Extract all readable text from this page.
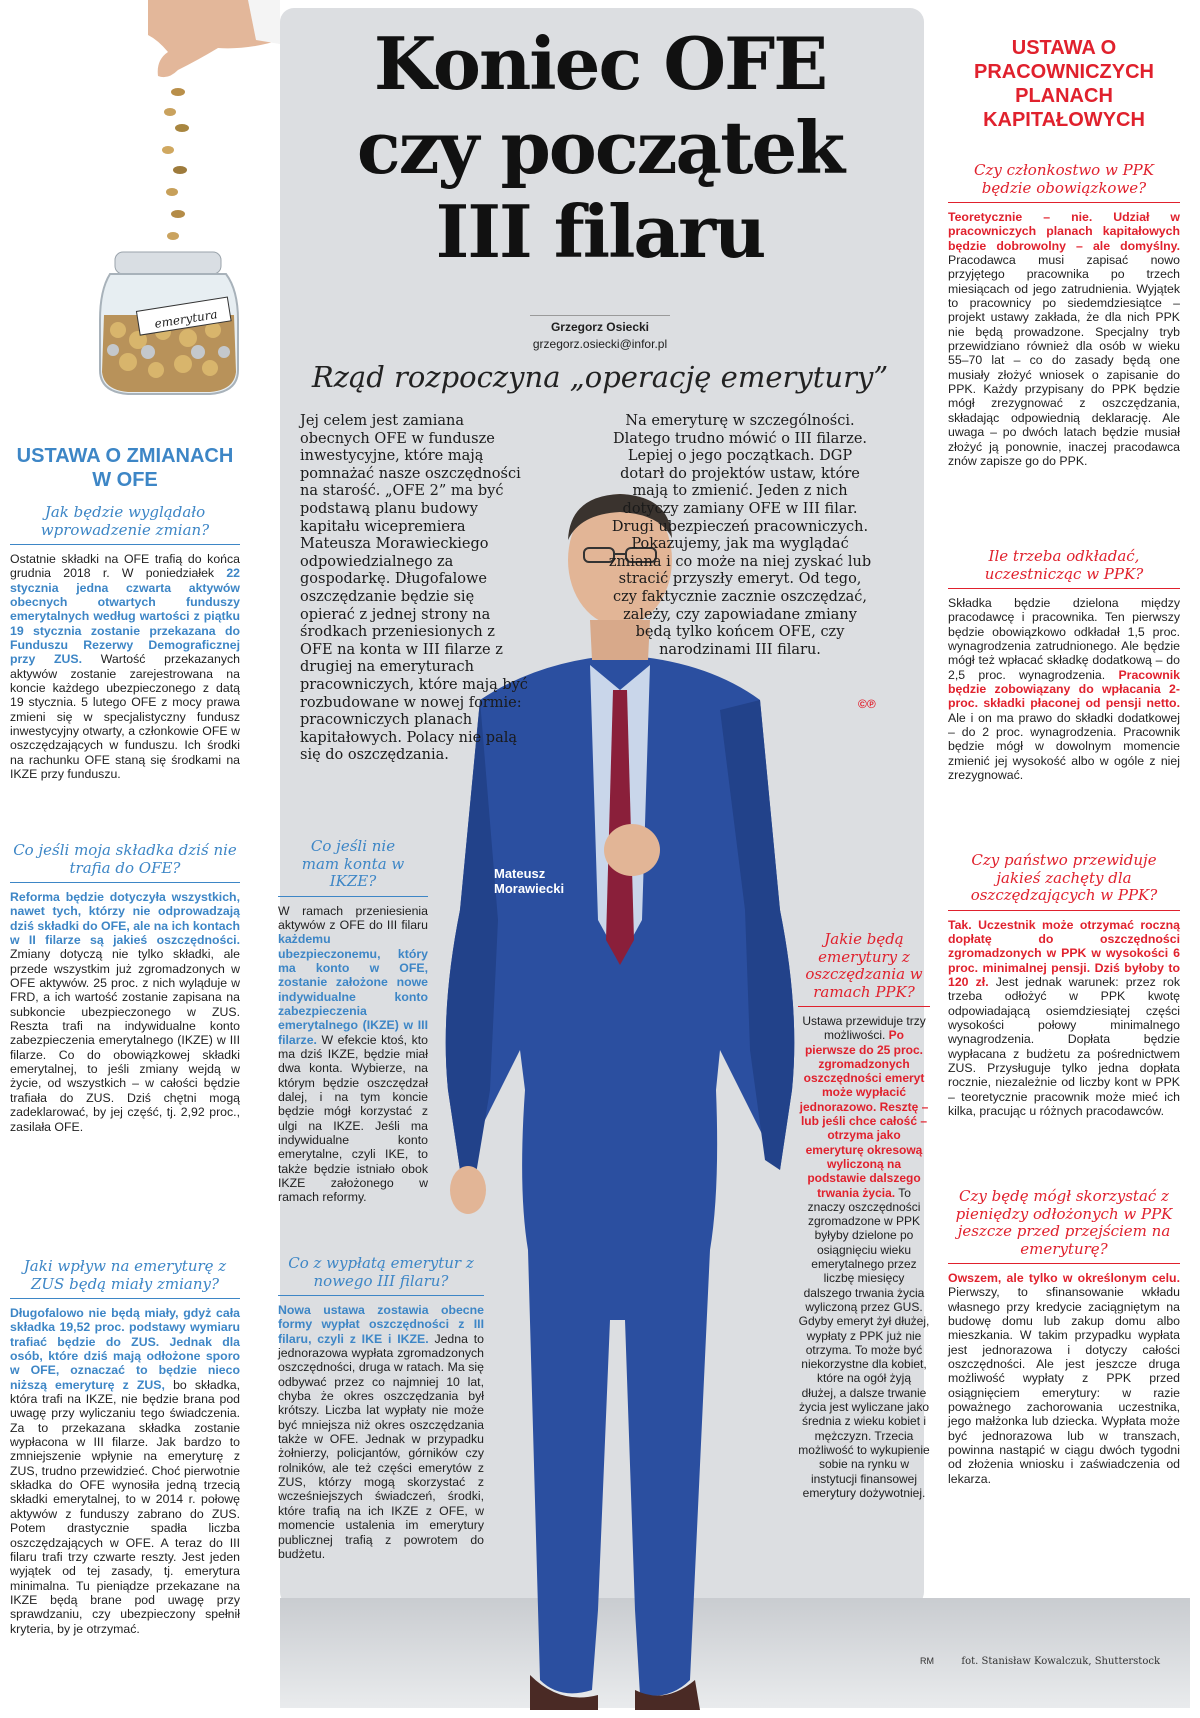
emerytura
Koniec OFE
czy początek
III filaru
Grzegorz Osiecki
grzegorz.osiecki@infor.pl
Rząd rozpoczyna „operację emerytury”
Mateusz Morawiecki

Jej celem jest zamiana obecnych OFE w fundusze inwestycyjne, które mają pomnażać nasze oszczędności na starość. „OFE 2” ma być podstawą planu budowy kapitału wicepremiera Mateusza Morawieckiego odpowiedzialnego za gospodarkę. Długofalowe oszczędzanie będzie się opierać z jednej strony na środkach przeniesionych z OFE na konta w III filarze z drugiej na emeryturach pracowniczych, które mają być rozbudowane w nowej formie: pracowniczych planach kapitałowych. Polacy nie palą się do oszczędzania.

Na emeryturę w szczególności. Dlatego trudno mówić o III filarze. Lepiej o jego początkach. DGP dotarł do projektów ustaw, które mają to zmienić. Jeden z nich dotyczy zamiany OFE w III filar. Drugi ubezpieczeń pracowniczych. Pokazujemy, jak ma wyglądać zmiana i co może na niej zyskać lub stracić przyszły emeryt. Od tego, czy faktycznie zacznie oszczędzać, zależy, czy zapowiadane zmiany będą tylko końcem OFE, czy narodzinami III filaru.

©℗
USTAWA O ZMIANACH W OFE
Jak będzie wyglądało wprowadzenie zmian?

Ostatnie składki na OFE trafią do końca grudnia 2018 r. W poniedziałek 22 stycznia jedna czwarta aktywów obecnych otwartych funduszy emerytalnych według wartości z piątku 19 stycznia zostanie przekazana do Funduszu Rezerwy Demograficznej przy ZUS. Wartość przekazanych aktywów zostanie zarejestrowana na koncie każdego ubezpieczonego z datą 19 stycznia. 5 lutego OFE z mocy prawa zmieni się w specjalistyczny fundusz inwestycyjny otwarty, a członkowie OFE w oszczędzających w funduszu. Ich środki na rachunku OFE staną się środkami na IKZE przy funduszu.

Co jeśli moja składka dziś nie trafia do OFE?

Reforma będzie dotyczyła wszystkich, nawet tych, którzy nie odprowadzają dziś składki do OFE, ale na ich kontach w II filarze są jakieś oszczędności. Zmiany dotyczą nie tylko składki, ale przede wszystkim już zgromadzonych w OFE aktywów. 25 proc. z nich wyląduje w FRD, a ich wartość zostanie zapisana na subkoncie ubezpieczonego w ZUS. Reszta trafi na indywidualne konto zabezpieczenia emerytalnego (IKZE) w III filarze. Co do obowiązkowej składki emerytalnej, to jeśli zmiany wejdą w życie, od wszystkich – w całości będzie trafiała do ZUS. Dziś chętni mogą zadeklarować, by jej część, tj. 2,92 proc., zasilała OFE.

Jaki wpływ na emeryturę z ZUS będą miały zmiany?

Długofalowo nie będą miały, gdyż cała składka 19,52 proc. podstawy wymiaru trafiać będzie do ZUS. Jednak dla osób, które dziś mają odłożone sporo w OFE, oznaczać to będzie nieco niższą emeryturę z ZUS, bo składka, która trafi na IKZE, nie będzie brana pod uwagę przy wyliczaniu tego świadczenia. Za to przekazana składka zostanie wypłacona w III filarze. Jak bardzo to zmniejszenie wpłynie na emeryturę z ZUS, trudno przewidzieć. Choć pierwotnie składka do OFE wynosiła jedną trzecią składki emerytalnej, to w 2014 r. połowę aktywów z funduszy zabrano do ZUS. Potem drastycznie spadła liczba oszczędzających w OFE. A teraz do III filaru trafi trzy czwarte reszty. Jest jeden wyjątek od tej zasady, tj. emerytura minimalna. Tu pieniądze przekazane na IKZE będą brane pod uwagę przy sprawdzaniu, czy ubezpieczony spełnił kryteria, by je otrzymać.

Co jeśli nie mam konta w IKZE?

W ramach przeniesienia aktywów z OFE do III filaru każdemu ubezpieczonemu, który ma konto w OFE, zostanie założone nowe indywidualne konto zabezpieczenia emerytalnego (IKZE) w III filarze. W efekcie ktoś, kto ma dziś IKZE, będzie miał dwa konta. Wybierze, na którym będzie oszczędzał dalej, i na tym koncie będzie mógł korzystać z ulgi na IKZE. Jeśli ma indywidualne konto emerytalne, czyli IKE, to także będzie istniało obok IKZE założonego w ramach reformy.

Co z wypłatą emerytur z nowego III filaru?

Nowa ustawa zostawia obecne formy wypłat oszczędności z III filaru, czyli z IKE i IKZE. Jedna to jednorazowa wypłata zgromadzonych oszczędności, druga w ratach. Ma się odbywać przez co najmniej 10 lat, chyba że okres oszczędzania był krótszy. Liczba lat wypłaty nie może być mniejsza niż okres oszczędzania także w OFE. Jednak w przypadku żołnierzy, policjantów, górników czy rolników, ale też części emerytów z ZUS, którzy mogą skorzystać z wcześniejszych świadczeń, środki, które trafią na ich IKZE z OFE, w momencie ustalenia im emerytury publicznej trafią z powrotem do budżetu.

Jakie będą emerytury z oszczędzania w ramach PPK?

Ustawa przewiduje trzy możliwości. Po pierwsze do 25 proc. zgromadzonych oszczędności emeryt może wypłacić jednorazowo. Resztę – lub jeśli chce całość – otrzyma jako emeryturę okresową wyliczoną na podstawie dalszego trwania życia. To znaczy oszczędności zgromadzone w PPK byłyby dzielone po osiągnięciu wieku emerytalnego przez liczbę miesięcy dalszego trwania życia wyliczoną przez GUS. Gdyby emeryt żył dłużej, wypłaty z PPK już nie otrzyma. To może być niekorzystne dla kobiet, które na ogół żyją dłużej, a dalsze trwanie życia jest wyliczane jako średnia z wieku kobiet i mężczyzn. Trzecia możliwość to wykupienie sobie na rynku w instytucji finansowej emerytury dożywotniej.

USTAWA O PRACOWNICZYCH PLANACH KAPITAŁOWYCH
Czy członkostwo w PPK będzie obowiązkowe?

Teoretycznie – nie. Udział w pracowniczych planach kapitałowych będzie dobrowolny – ale domyślny. Pracodawca musi zapisać nowo przyjętego pracownika po trzech miesiącach od jego zatrudnienia. Wyjątek to pracownicy po siedemdziesiątce – projekt ustawy zakłada, że dla nich PPK nie będą prowadzone. Specjalny tryb przewidziano również dla osób w wieku 55–70 lat – co do zasady będą one musiały złożyć wniosek o zapisanie do PPK. Każdy przypisany do PPK będzie mógł zrezygnować z oszczędzania, składając odpowiednią deklarację. Ale uwaga – po dwóch latach będzie musiał złożyć ją ponownie, inaczej pracodawca znów zapisze go do PPK.

Ile trzeba odkładać, uczestnicząc w PPK?

Składka będzie dzielona między pracodawcę i pracownika. Ten pierwszy będzie obowiązkowo odkładał 1,5 proc. wynagrodzenia zatrudnionego. Ale będzie mógł też wpłacać składkę dodatkową – do 2,5 proc. wynagrodzenia. Pracownik będzie zobowiązany do wpłacania 2-proc. składki płaconej od pensji netto. Ale i on ma prawo do składki dodatkowej – do 2 proc. wynagrodzenia. Pracownik będzie mógł w dowolnym momencie zmienić jej wysokość albo w ogóle z niej zrezygnować.

Czy państwo przewiduje jakieś zachęty dla oszczędzających w PPK?

Tak. Uczestnik może otrzymać roczną dopłatę do oszczędności zgromadzonych w PPK w wysokości 6 proc. minimalnej pensji. Dziś byłoby to 120 zł. Jest jednak warunek: przez rok trzeba odłożyć w PPK kwotę odpowiadającą osiemdziesiątej części wysokości połowy minimalnego wynagrodzenia. Dopłata będzie wypłacana z budżetu za pośrednictwem ZUS. Przysługuje tylko jedna dopłata rocznie, niezależnie od liczby kont w PPK – teoretycznie pracownik może mieć ich kilka, pracując u różnych pracodawców.

Czy będę mógł skorzystać z pieniędzy odłożonych w PPK jeszcze przed przejściem na emeryturę?

Owszem, ale tylko w określonym celu. Pierwszy, to sfinansowanie wkładu własnego przy kredycie zaciągniętym na budowę domu lub zakup domu albo mieszkania. W takim przypadku wypłata jest jednorazowa i dotyczy całości oszczędności. Ale jest jeszcze druga możliwość wypłaty z PPK przed osiągnięciem emerytury: w razie poważnego zachorowania uczestnika, jego małżonka lub dziecka. Wypłata może być jednorazowa lub w transzach, powinna nastąpić w ciągu dwóch tygodni od złożenia wniosku i zaświadczenia od lekarza.

RM	fot. Stanisław Kowalczuk, Shutterstock
